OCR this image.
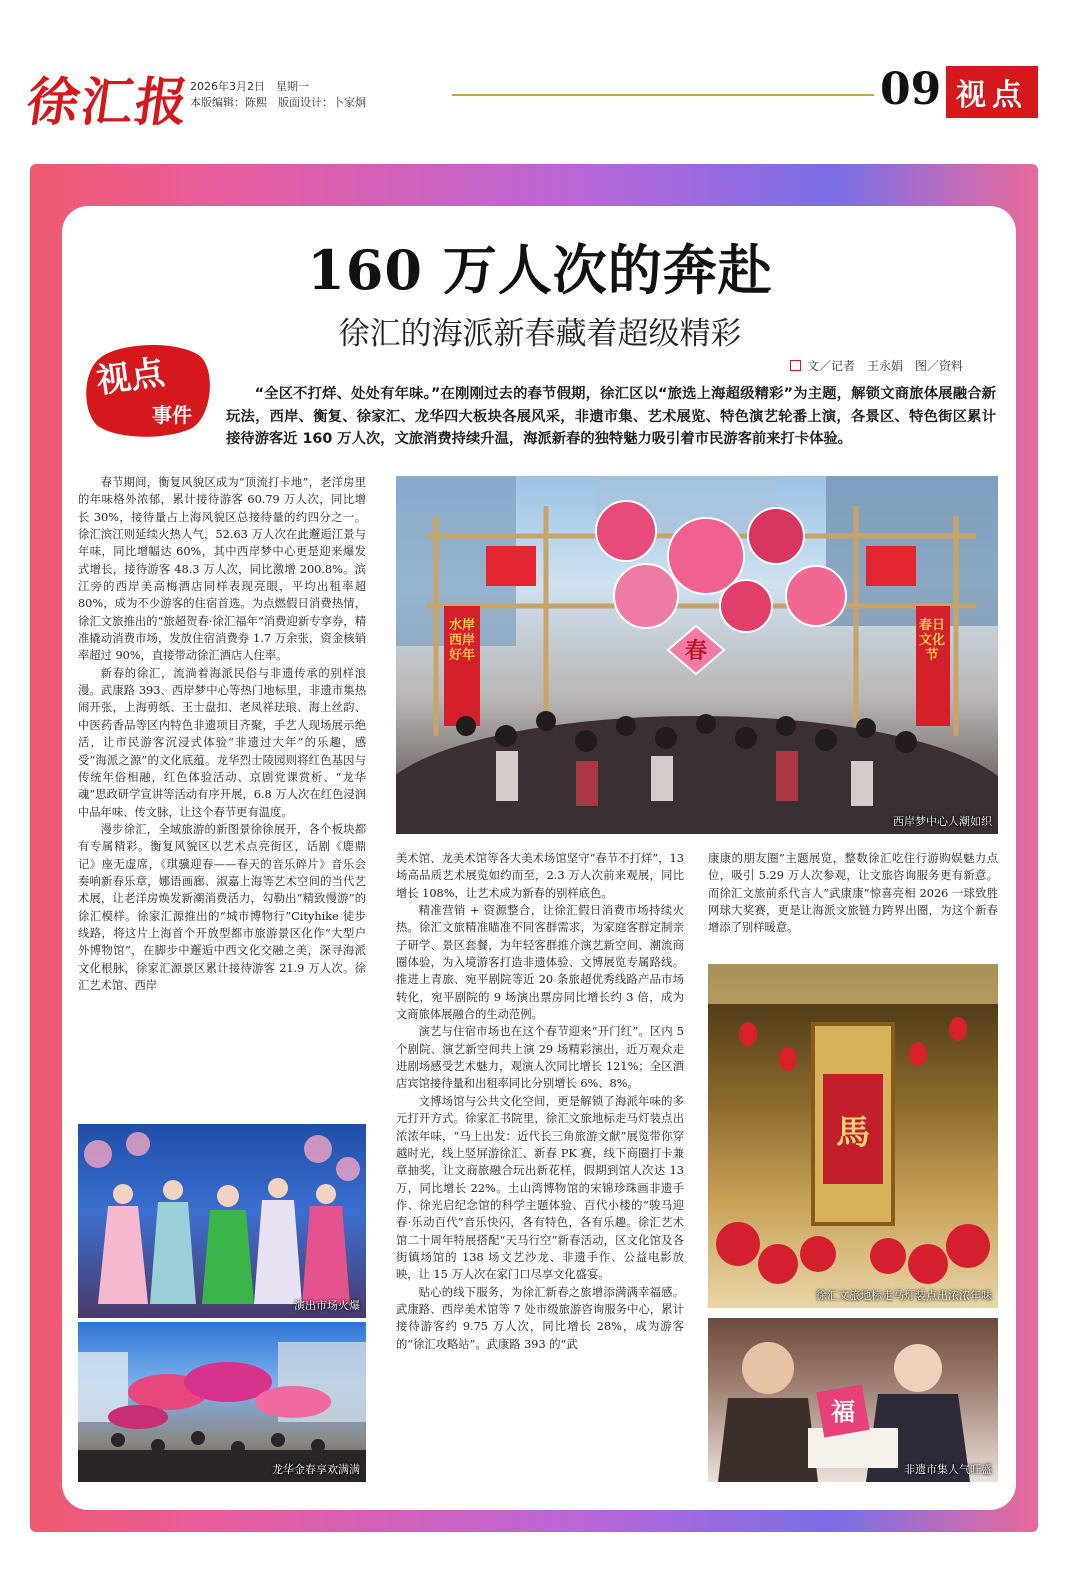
徐汇报
2026年3月2日　星期一
本版编辑：陈熙　版面设计：卜家炯	09 视点
160 万人次的奔赴
徐汇的海派新春藏着超级精彩
文／记者　王永娟　图／资料
视点
事件
“全区不打烊、处处有年味。”在刚刚过去的春节假期，徐汇区以“旅选上海超级精彩”为主题，解锁文商旅体展融合新玩法，西岸、衡复、徐家汇、龙华四大板块各展风采，非遗市集、艺术展览、特色演艺轮番上演，各景区、特色街区累计接待游客近 160 万人次，文旅消费持续升温，海派新春的独特魅力吸引着市民游客前来打卡体验。

春节期间，衡复风貌区成为“顶流打卡地”，老洋房里的年味格外浓郁，累计接待游客 60.79 万人次，同比增长 30%，接待量占上海风貌区总接待量的约四分之一。徐汇滨江则延续火热人气，52.63 万人次在此邂逅江景与年味，同比增幅达 60%，其中西岸梦中心更是迎来爆发式增长，接待游客 48.3 万人次，同比激增 200.8%。滨江旁的西岸美高梅酒店同样表现亮眼，平均出租率超 80%，成为不少游客的住宿首选。为点燃假日消费热情，徐汇文旅推出的“旅超贺春·徐汇福年”消费迎新专享券，精准撬动消费市场，发放住宿消费券 1.7 万余张，资金核销率超过 90%，直接带动徐汇酒店人住率。

新春的徐汇，流淌着海派民俗与非遗传承的别样浪漫。武康路 393、西岸梦中心等热门地标里，非遗市集热闹开张，上海剪纸、王士盘扣、老凤祥珐琅、海上丝韵、中医药香品等区内特色非遗项目齐聚，手艺人现场展示绝活，让市民游客沉浸式体验“非遗过大年”的乐趣，感受“海派之源”的文化底蕴。龙华烈士陵园则将红色基因与传统年俗相融，红色体验活动、京剧党课赏析、“龙华魂”思政研学宣讲等活动有序开展，6.8 万人次在红色浸润中品年味、传文脉，让这个春节更有温度。

漫步徐汇，全域旅游的新图景徐徐展开，各个板块都有专属精彩。衡复风貌区以艺术点亮街区，话剧《鹿鼎记》座无虚席，《琪骥迎春——春天的音乐碎片》音乐会奏响新春乐章，娜语画廊、淑嘉上海等艺术空间的当代艺术展，让老洋房焕发新潮消费活力，勾勒出“精致慢游”的徐汇模样。徐家汇源推出的“城市博物行”Cityhike 徒步线路，将这片上海首个开放型都市旅游景区化作“大型户外博物馆”，在脚步中邂逅中西文化交融之美，深寻海派文化根脉，徐家汇源景区累计接待游客 21.9 万人次。徐汇艺术馆、西岸

美术馆、龙美术馆等各大美术场馆坚守“春节不打烊”，13 场高品质艺术展览如约而至，2.3 万人次前来观展，同比增长 108%，让艺术成为新春的别样底色。

精准营销 + 资源整合，让徐汇假日消费市场持续火热。徐汇文旅精准瞄准不同客群需求，为家庭客群定制亲子研学、景区套餐，为年轻客群推介演艺新空间、潮流商圈体验，为入境游客打造非遗体验、文博展览专属路线。推进上青旅、宛平剧院等近 20 条旅超优秀线路产品市场转化，宛平剧院的 9 场演出票房同比增长约 3 倍，成为文商旅体展融合的生动范例。

演艺与住宿市场也在这个春节迎来“开门红”。区内 5 个剧院、演艺新空间共上演 29 场精彩演出，近万观众走进剧场感受艺术魅力，观演人次同比增长 121%；全区酒店宾馆接待量和出租率同比分别增长 6%、8%。

文博场馆与公共文化空间，更是解锁了海派年味的多元打开方式。徐家汇书院里，徐汇文旅地标走马灯装点出浓浓年味，“马上出发：近代长三角旅游文献”展览带你穿越时光，线上竖屏游徐汇、新春 PK 赛，线下商圈打卡兼章抽奖，让文商旅融合玩出新花样，假期到馆人次达 13 万，同比增长 22%。土山湾博物馆的宋锦珍珠画非遗手作、徐光启纪念馆的科学主题体验、百代小楼的“骏马迎春·乐动百代”音乐快闪，各有特色，各有乐趣。徐汇艺术馆二十周年特展搭配“天马行空”新春活动，区文化馆及各街镇场馆的 138 场文艺沙龙、非遗手作、公益电影放映，让 15 万人次在家门口尽享文化盛宴。

贴心的线下服务，为徐汇新春之旅增添满满幸福感。武康路、西岸美术馆等 7 处市级旅游咨询服务中心，累计接待游客约 9.75 万人次，同比增长 28%，成为游客的“徐汇攻略站”。武康路 393 的“武

康康的朋友圈”主题展览，整数徐汇吃住行游购娱魅力点位，吸引 5.29 万人次参观，让文旅咨询服务更有新意。而徐汇文旅前系代言人“武康康”惊喜亮相 2026 一球致胜网球大奖赛，更是让海派文旅链力跨界出圈，为这个新春增添了别样暖意。

春
水岸西岸好年
春日文化节
西岸梦中心人潮如织
演出市场火爆
龙华金春享欢满满
馬
徐汇文旅地标走马灯装点出浓浓年味
福
非遗市集人气旺盛
